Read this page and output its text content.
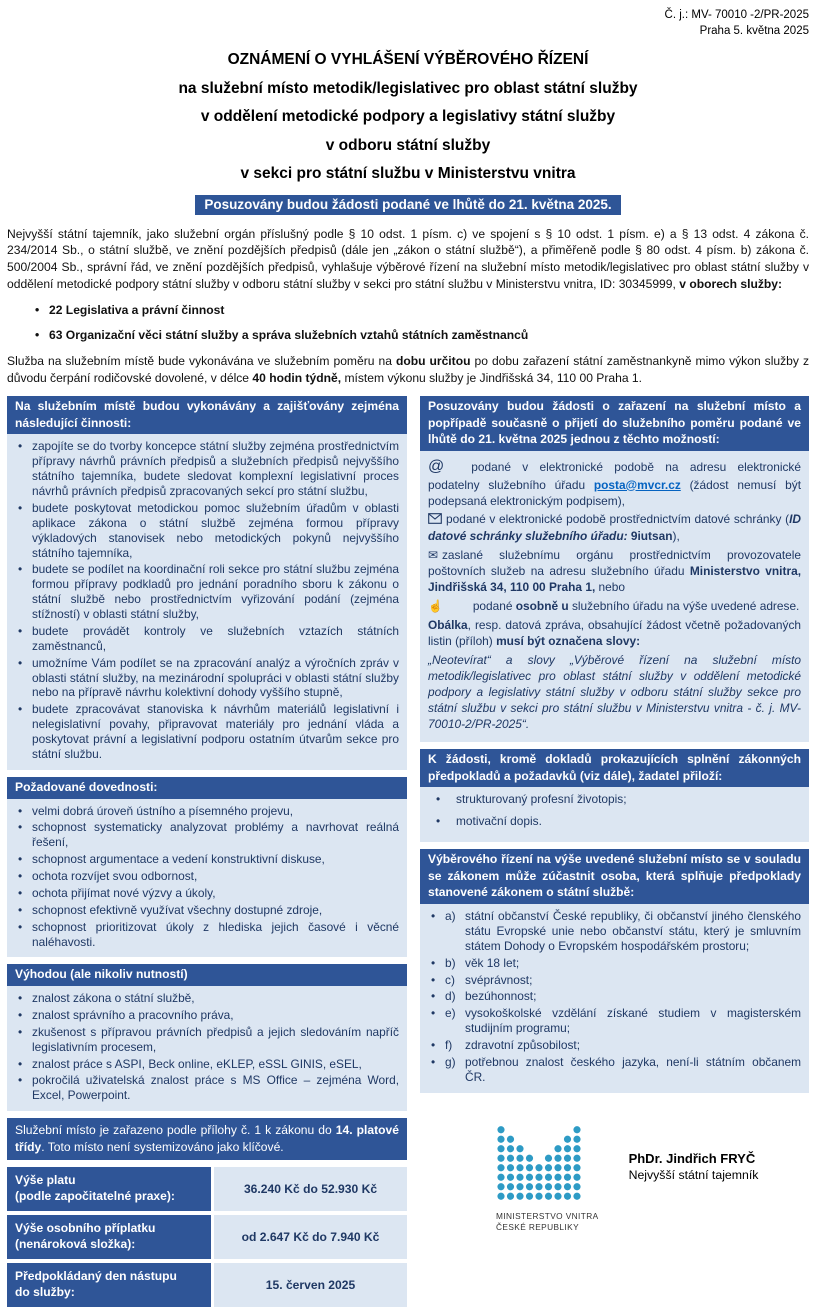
Č. j.: MV- 70010 -2/PR-2025
Praha 5. května 2025
OZNÁMENÍ O VYHLÁŠENÍ VÝBĚROVÉHO ŘÍZENÍ
na služební místo metodik/legislativec pro oblast státní služby
v oddělení metodické podpory a legislativy státní služby
v odboru státní služby
v sekci pro státní službu v Ministerstvu vnitra
Posuzovány budou žádosti podané ve lhůtě do 21. května 2025.

Nejvyšší státní tajemník, jako služební orgán příslušný podle § 10 odst. 1 písm. c) ve spojení s § 10 odst. 1 písm. e) a § 13 odst. 4 zákona č. 234/2014 Sb., o státní službě, ve znění pozdějších předpisů (dále jen „zákon o státní službě“), a přiměřeně podle § 80 odst. 4 písm. b) zákona č. 500/2004 Sb., správní řád, ve znění pozdějších předpisů, vyhlašuje výběrové řízení na služební místo metodik/legislativec pro oblast státní služby v oddělení metodické podpory státní služby v odboru státní služby v sekci pro státní službu v Ministerstvu vnitra, ID: 30345999, v oborech služby:

• 22 Legislativa a právní činnost
• 63 Organizační věci státní služby a správa služebních vztahů státních zaměstnanců

Služba na služebním místě bude vykonávána ve služebním poměru na dobu určitou po dobu zařazení státní zaměstnankyně mimo výkon služby z důvodu čerpání rodičovské dovolené, v délce 40 hodin týdně, místem výkonu služby je Jindřišská 34, 110 00 Praha 1.

Na služebním místě budou vykonávány a zajišťovány zejména následující činnosti:
• zapojíte se do tvorby koncepce státní služby zejména prostřednictvím přípravy návrhů právních předpisů a služebních předpisů nejvyššího státního tajemníka, budete sledovat komplexní legislativní proces návrhů právních předpisů zpracovaných sekcí pro státní službu,
• budete poskytovat metodickou pomoc služebním úřadům v oblasti aplikace zákona o státní službě zejména formou přípravy výkladových stanovisek nebo metodických pokynů nejvyššího státního tajemníka,
• budete se podílet na koordinační roli sekce pro státní službu zejména formou přípravy podkladů pro jednání poradního sboru k zákonu o státní službě nebo prostřednictvím vyřizování podání (zejména stížností) v oblasti státní služby,
• budete provádět kontroly ve služebních vztazích státních zaměstnanců,
• umožníme Vám podílet se na zpracování analýz a výročních zpráv v oblasti státní služby, na mezinárodní spolupráci v oblasti státní služby nebo na přípravě návrhu kolektivní dohody vyššího stupně,
• budete zpracovávat stanoviska k návrhům materiálů legislativní i nelegislativní povahy, připravovat materiály pro jednání vláda a poskytovat právní a legislativní podporu ostatním útvarům sekce pro státní službu.
Požadované dovednosti:
• velmi dobrá úroveň ústního a písemného projevu,
• schopnost systematicky analyzovat problémy a navrhovat reálná řešení,
• schopnost argumentace a vedení konstruktivní diskuse,
• ochota rozvíjet svou odbornost,
• ochota přijímat nové výzvy a úkoly,
• schopnost efektivně využívat všechny dostupné zdroje,
• schopnost prioritizovat úkoly z hlediska jejich časové i věcné naléhavosti.
Výhodou (ale nikoliv nutností)
• znalost zákona o státní službě,
• znalost správního a pracovního práva,
• zkušenost s přípravou právních předpisů a jejich sledováním napříč legislativním procesem,
• znalost práce s ASPI, Beck online, eKLEP, eSSL GINIS, eSEL,
• pokročilá uživatelská znalost práce s MS Office – zejména Word, Excel, Powerpoint.
Služební místo je zařazeno podle přílohy č. 1 k zákonu do 14. platové třídy. Toto místo není systemizováno jako klíčové.
Výše platu
(podle započitatelné praxe):	36.240 Kč do 52.930 Kč
Výše osobního příplatku
(nenároková složka):	od 2.647 Kč do 7.940 Kč
Předpokládaný den nástupu
do služby:	15. červen 2025
Posuzovány budou žádosti o zařazení na služební místo a popřípadě současně o přijetí do služebního poměru podané ve lhůtě do 21. května 2025 jednou z těchto možností:

@ podané v elektronické podobě na adresu elektronické podatelny služebního úřadu posta@mvcr.cz (žádost nemusí být podepsaná elektronickým podpisem),

podané v elektronické podobě prostřednictvím datové schránky (ID datové schránky služebního úřadu: 9iutsan),

✉ zaslané služebnímu orgánu prostřednictvím provozovatele poštovních služeb na adresu služebního úřadu Ministerstvo vnitra, Jindřišská 34, 110 00 Praha 1, nebo

☝	podané osobně u služebního úřadu na výše uvedené adrese.

Obálka, resp. datová zpráva, obsahující žádost včetně požadovaných listin (příloh) musí být označena slovy:

„Neotevírat“ a slovy „Výběrové řízení na služební místo metodik/legislativec pro oblast státní služby v oddělení metodické podpory a legislativy státní služby v odboru státní služby sekce pro státní službu v sekci pro státní službu v Ministerstvu vnitra - č. j. MV- 70010-2/PR-2025“.

K žádosti, kromě dokladů prokazujících splnění zákonných předpokladů a požadavků (viz dále), žadatel přiloží:
• strukturovaný profesní životopis;
• motivační dopis.
Výběrového řízení na výše uvedené služební místo se v souladu se zákonem může zúčastnit osoba, která splňuje předpoklady stanovené zákonem o státní službě:
• a) státní občanství České republiky, či občanství jiného členského státu Evropské unie nebo občanství státu, který je smluvním státem Dohody o Evropském hospodářském prostoru;
• b) věk 18 let;
• c) svéprávnost;
• d) bezúhonnost;
• e) vysokoškolské vzdělání získané studiem v magisterském studijním programu;
• f)	zdravotní způsobilost;
• g) potřebnou znalost českého jazyka, není-li státním občanem ČR.
MINISTERSTVO VNITRA
ČESKÉ REPUBLIKY
PhDr. Jindřich FRYČ
Nejvyšší státní tajemník
